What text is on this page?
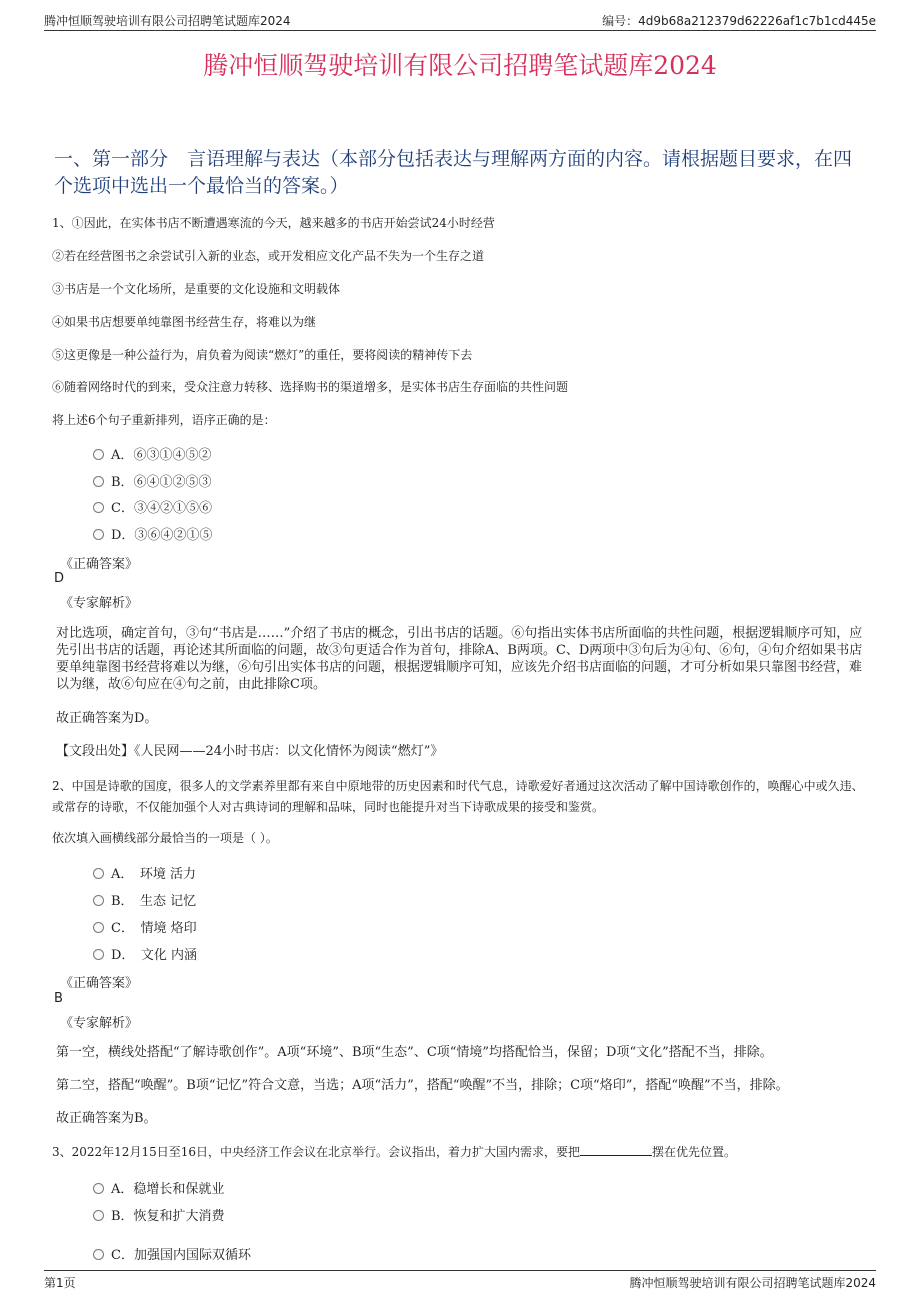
腾冲恒顺驾驶培训有限公司招聘笔试题库2024	编号：4d9b68a212379d62226af1c7b1cd445e
腾冲恒顺驾驶培训有限公司招聘笔试题库2024
一、第一部分　言语理解与表达（本部分包括表达与理解两方面的内容。请根据题目要求，在四个选项中选出一个最恰当的答案。）
1、①因此，在实体书店不断遭遇寒流的今天，越来越多的书店开始尝试24小时经营
②若在经营图书之余尝试引入新的业态，或开发相应文化产品不失为一个生存之道
③书店是一个文化场所，是重要的文化设施和文明载体
④如果书店想要单纯靠图书经营生存，将难以为继
⑤这更像是一种公益行为，肩负着为阅读“燃灯”的重任，要将阅读的精神传下去
⑥随着网络时代的到来，受众注意力转移、选择购书的渠道增多，是实体书店生存面临的共性问题
将上述6个句子重新排列，语序正确的是：
A．⑥③①④⑤②
B．⑥④①②⑤③
C．③④②①⑤⑥
D．③⑥④②①⑤
《正确答案》
D
《专家解析》
对比选项，确定首句，③句“书店是……”介绍了书店的概念，引出书店的话题。⑥句指出实体书店所面临的共性问题，根据逻辑顺序可知，应先引出书店的话题，再论述其所面临的问题，故③句更适合作为首句，排除A、B两项。C、D两项中③句后为④句、⑥句，④句介绍如果书店要单纯靠图书经营将难以为继，⑥句引出实体书店的问题，根据逻辑顺序可知，应该先介绍书店面临的问题，才可分析如果只靠图书经营，难以为继，故⑥句应在④句之前，由此排除C项。
故正确答案为D。
【文段出处】《人民网——24小时书店：以文化情怀为阅读“燃灯”》
2、中国是诗歌的国度，很多人的文学素养里都有来自中原地带的历史因素和时代气息，诗歌爱好者通过这次活动了解中国诗歌创作的，唤醒心中或久违、或常存的诗歌，不仅能加强个人对古典诗词的理解和品味，同时也能提升对当下诗歌成果的接受和鉴赏。
依次填入画横线部分最恰当的一项是（ ）。
A．　环境 活力
B．　生态 记忆
C．　情境 烙印
D．　文化 内涵
《正确答案》
B
《专家解析》
第一空，横线处搭配“了解诗歌创作”。A项“环境”、B项“生态”、C项“情境”均搭配恰当，保留；D项“文化”搭配不当，排除。
第二空，搭配“唤醒”。B项“记忆”符合文意，当选；A项“活力”，搭配“唤醒”不当，排除；C项“烙印”，搭配“唤醒”不当，排除。
故正确答案为B。
3、2022年12月15日至16日，中央经济工作会议在北京举行。会议指出，着力扩大国内需求，要把	摆在优先位置。
A．稳增长和保就业
B．恢复和扩大消费
C．加强国内国际双循环
第1页	腾冲恒顺驾驶培训有限公司招聘笔试题库2024
